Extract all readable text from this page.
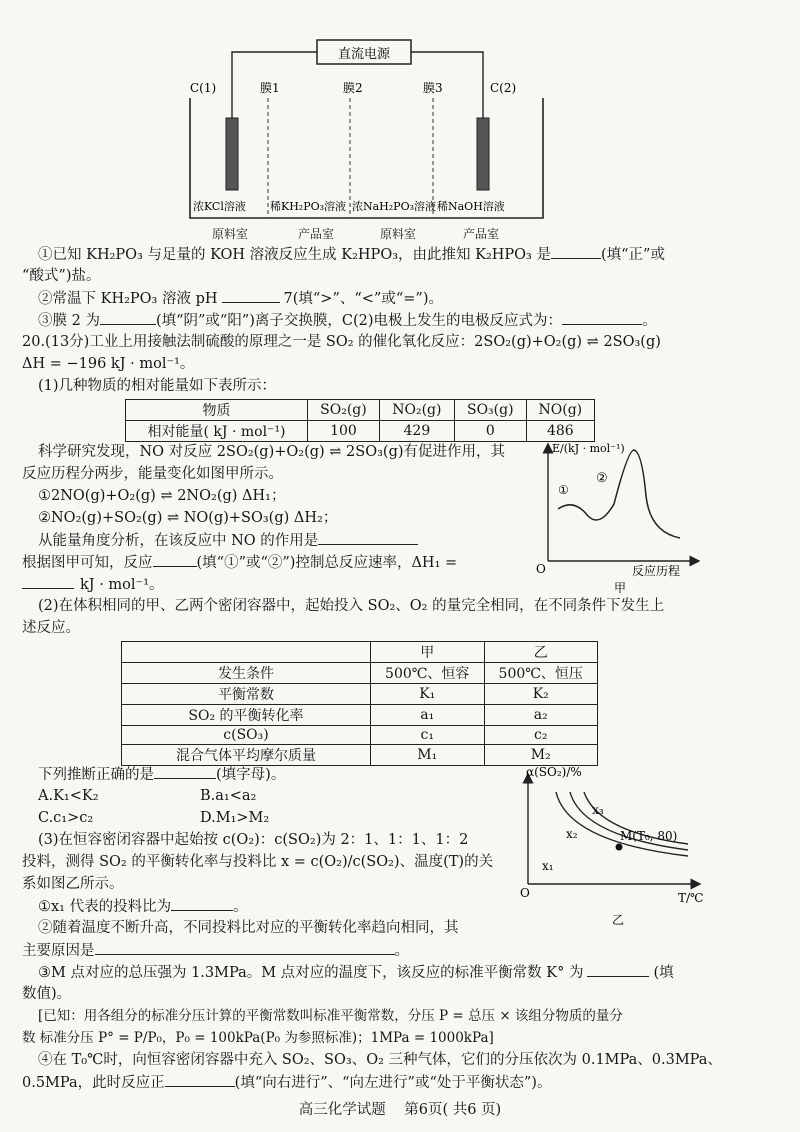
直流电源
C(1)	C(2)
膜1	膜2	膜3
浓KCl溶液 稀KH₂PO₃溶液 浓NaH₂PO₃溶液 稀NaOH溶液
原料室	产品室	原料室	产品室
①已知 KH₂PO₃ 与足量的 KOH 溶液反应生成 K₂HPO₃，由此推知 K₂HPO₃ 是	(填“正”或
“酸式”)盐。
②常温下 KH₂PO₃ 溶液 pH	7(填“>”、“<”或“=”)。
③膜 2 为	(填“阴”或“阳”)离子交换膜，C(2)电极上发生的电极反应式为：	。
20.(13分)工业上用接触法制硫酸的原理之一是 SO₂ 的催化氧化反应：2SO₂(g)+O₂(g) ⇌ 2SO₃(g)
ΔH = −196 kJ · mol⁻¹。
(1)几种物质的相对能量如下表所示：
物质	SO₂(g)	NO₂(g)	SO₃(g)	NO(g)
相对能量( kJ · mol⁻¹)	100	429	0	486
科学研究发现，NO 对反应 2SO₂(g)+O₂(g) ⇌ 2SO₃(g)有促进作用，其
反应历程分两步，能量变化如图甲所示。
①2NO(g)+O₂(g) ⇌ 2NO₂(g) ΔH₁；
②NO₂(g)+SO₂(g) ⇌ NO(g)+SO₃(g) ΔH₂；
从能量角度分析，在该反应中 NO 的作用是
根据图甲可知，反应	(填“①”或“②”)控制总反应速率，ΔH₁ =
kJ · mol⁻¹。
E/(kJ · mol⁻¹)
O	反应历程
①
②
甲
(2)在体积相同的甲、乙两个密闭容器中，起始投入 SO₂、O₂ 的量完全相同，在不同条件下发生上
述反应。
	甲	乙
发生条件	500℃、恒容	500℃、恒压
平衡常数	K₁	K₂
SO₂ 的平衡转化率	a₁	a₂
c(SO₃)	c₁	c₂
混合气体平均摩尔质量	M₁	M₂
下列推断正确的是	(填字母)。
A.K₁<K₂	B.a₁<a₂
C.c₁>c₂	D.M₁>M₂
(3)在恒容密闭容器中起始按 c(O₂)：c(SO₂)为 2：1、1：1、1：2
投料，测得 SO₂ 的平衡转化率与投料比 x = c(O₂)/c(SO₂)、温度(T)的关
系如图乙所示。
α(SO₂)/%
O	T/℃
x₁
x₂
x₃
M(T₀, 80)
乙
①x₁ 代表的投料比为	。
②随着温度不断升高，不同投料比对应的平衡转化率趋向相同，其
主要原因是	。
③M 点对应的总压强为 1.3MPa。M 点对应的温度下，该反应的标准平衡常数 K° 为	(填
数值)。
[已知：用各组分的标准分压计算的平衡常数叫标准平衡常数，分压 P = 总压 × 该组分物质的量分
数 标准分压 P° = P/P₀，P₀ = 100kPa(P₀ 为参照标准)；1MPa = 1000kPa]
④在 T₀℃时，向恒容密闭容器中充入 SO₂、SO₃、O₂ 三种气体，它们的分压依次为 0.1MPa、0.3MPa、
0.5MPa，此时反应正	(填“向右进行”、“向左进行”或“处于平衡状态”)。
高三化学试题    第6页( 共6 页)
